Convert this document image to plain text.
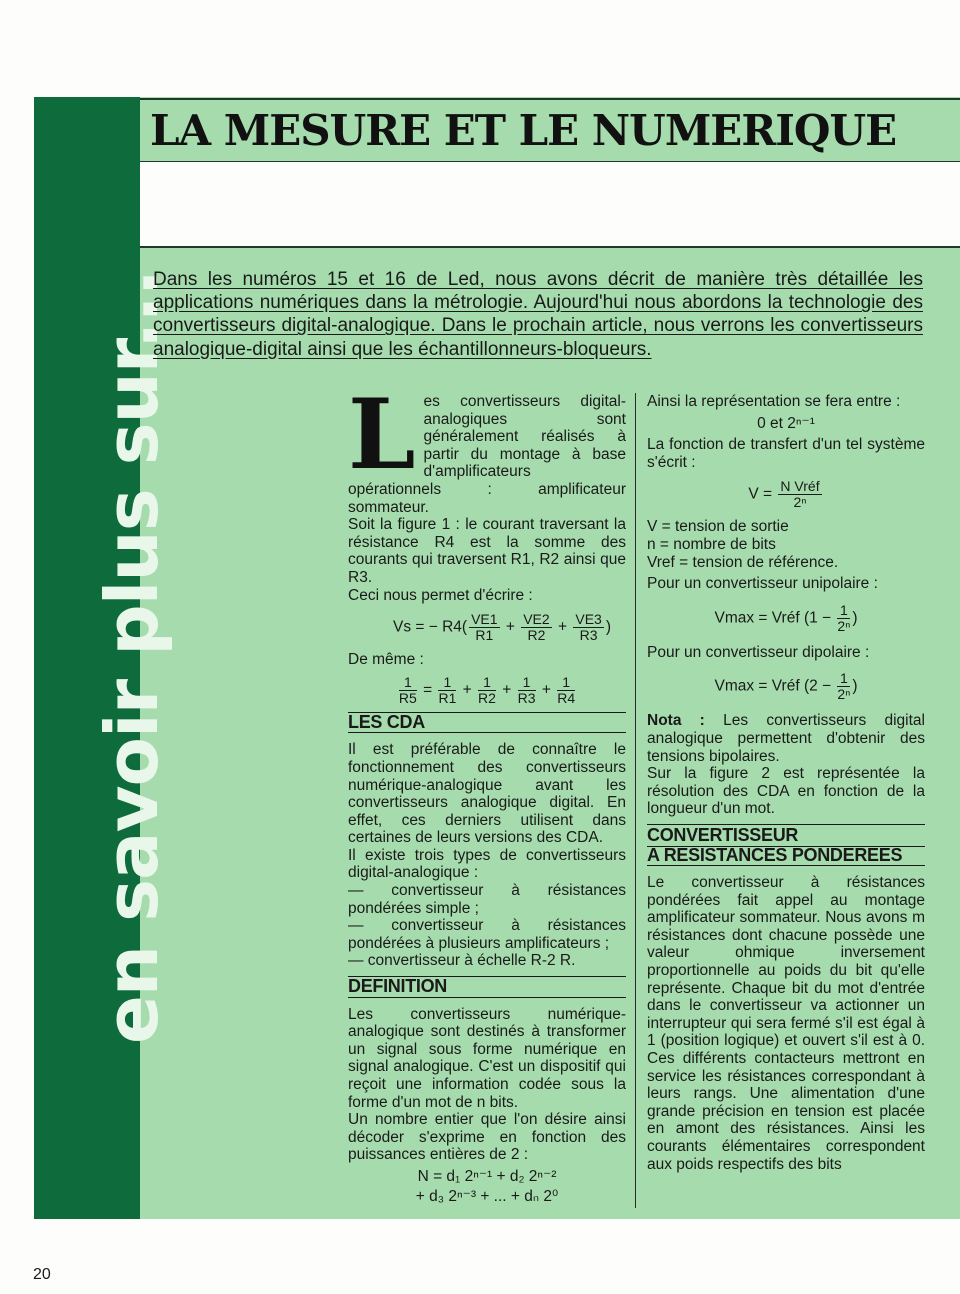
en savoir plus sur...
LA MESURE ET LE NUMERIQUE
Dans les numéros 15 et 16 de Led, nous avons décrit de manière très détaillée les applications numériques dans la métrologie. Aujourd'hui nous abordons la technologie des convertisseurs digital-analogique. Dans le prochain article, nous verrons les convertisseurs analogique-digital ainsi que les échantillonneurs-bloqueurs.
L es convertisseurs digital-analogiques sont généralement réalisés à partir du montage à base d'amplificateurs opérationnels : amplificateur sommateur.

Soit la figure 1 : le courant traversant la résistance R4 est la somme des courants qui traversent R1, R2 ainsi que R3.

Ceci nous permet d'écrire :

Vs = − $R4( \frac{VE1}{R1} + \frac{VE2}{R2} + \frac{VE3}{R3}$ )

De même :

$\frac{1}{R5} = \frac{1}{R1} + \frac{1}{R2} + \frac{1}{R3} + \frac{1}{R4}$
LES CDA

Il est préférable de connaître le fonctionnement des convertisseurs numérique-analogique avant les convertisseurs analogique digital. En effet, ces derniers utilisent dans certaines de leurs versions des CDA.

Il existe trois types de convertisseurs digital-analogique :

— convertisseur à résistances pondérées simple ;

— convertisseur à résistances pondérées à plusieurs amplificateurs ;

— convertisseur à échelle R-2 R.

DEFINITION

Les convertisseurs numérique-analogique sont destinés à transformer un signal sous forme numérique en signal analogique. C'est un dispositif qui reçoit une information codée sous la forme d'un mot de n bits.

Un nombre entier que l'on désire ainsi décoder s'exprime en fonction des puissances entières de 2 :

N = d₁ 2ⁿ⁻¹ + d₂ 2ⁿ⁻²
+ d₃ 2ⁿ⁻³ + ... + dₙ 2⁰

Ainsi la représentation se fera entre :

0 et 2ⁿ⁻¹

La fonction de transfert d'un tel système s'écrit :

$V = \frac{\text{N Vréf}}{\text{2ⁿ}}$

V = tension de sortie

n = nombre de bits

Vref = tension de référence.

Pour un convertisseur unipolaire :

Vmax = Vréf ($1 - \frac{1}{\text{2ⁿ}}$ )

Pour un convertisseur dipolaire :

Vmax = Vréf ($2 - \frac{1}{\text{2ⁿ}}$ )

Nota : Les convertisseurs digital analogique permettent d'obtenir des tensions bipolaires.

Sur la figure 2 est représentée la résolution des CDA en fonction de la longueur d'un mot.

CONVERTISSEUR
A RESISTANCES PONDEREES

Le convertisseur à résistances pondérées fait appel au montage amplificateur sommateur. Nous avons m résistances dont chacune possède une valeur ohmique inversement proportionnelle au poids du bit qu'elle représente. Chaque bit du mot d'entrée dans le convertisseur va actionner un interrupteur qui sera fermé s'il est égal à 1 (position logique) et ouvert s'il est à 0. Ces différents contacteurs mettront en service les résistances correspondant à leurs rangs. Une alimentation d'une grande précision en tension est placée en amont des résistances. Ainsi les courants élémentaires correspondent aux poids respectifs des bits

20
